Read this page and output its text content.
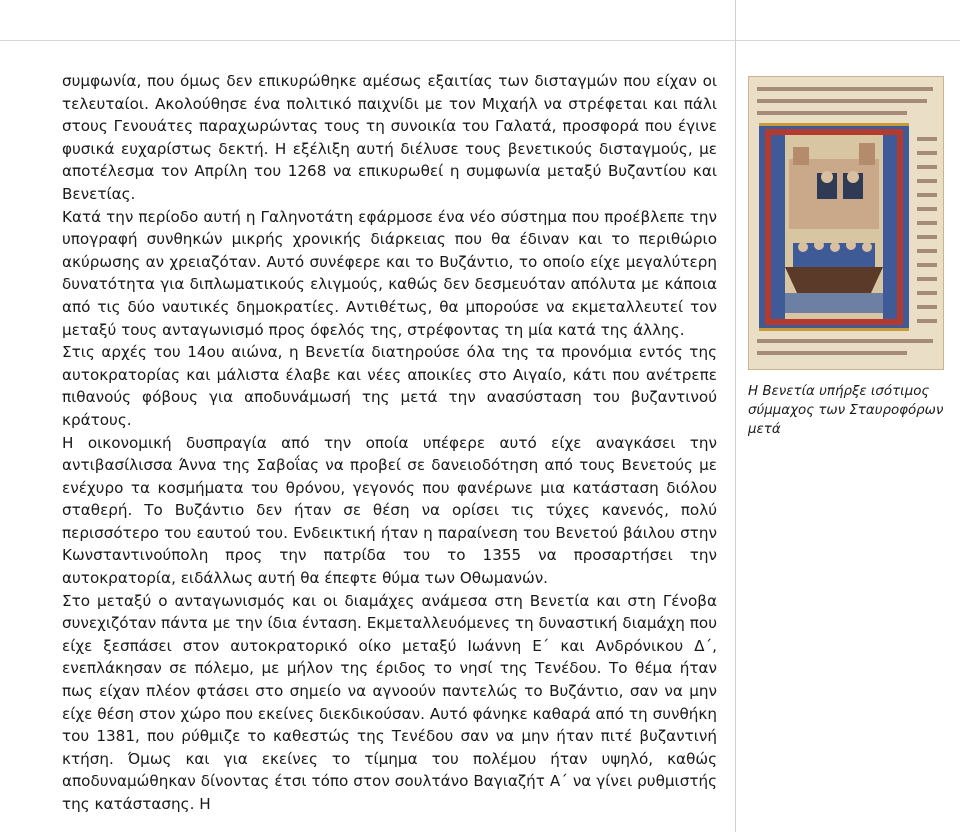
συμφωνία, που όμως δεν επικυρώθηκε αμέσως εξαιτίας των δισταγμών που είχαν οι τελευταίοι. Ακολούθησε ένα πολιτικό παιχνίδι με τον Μιχαήλ να στρέφεται και πάλι στους Γενουάτες παραχωρώντας τους τη συνοικία του Γαλατά, προσφορά που έγινε φυσικά ευχαρίστως δεκτή. Η εξέλιξη αυτή διέλυσε τους βενετικούς δισταγμούς, με αποτέλεσμα τον Απρίλη του 1268 να επικυρωθεί η συμφωνία μεταξύ Βυζαντίου και Βενετίας.

Κατά την περίοδο αυτή η Γαληνοτάτη εφάρμοσε ένα νέο σύστημα που προέβλεπε την υπογραφή συνθηκών μικρής χρονικής διάρκειας που θα έδιναν και το περιθώριο ακύρωσης αν χρειαζόταν. Αυτό συνέφερε και το Βυζάντιο, το οποίο είχε μεγαλύτερη δυνατότητα για διπλωματικούς ελιγμούς, καθώς δεν δεσμευόταν απόλυτα με κάποια από τις δύο ναυτικές δημοκρατίες. Αντιθέτως, θα μπορούσε να εκμεταλλευτεί τον μεταξύ τους ανταγωνισμό προς όφελός της, στρέφοντας τη μία κατά της άλλης.

Στις αρχές του 14ου αιώνα, η Βενετία διατηρούσε όλα της τα προνόμια εντός της αυτοκρατορίας και μάλιστα έλαβε και νέες αποικίες στο Αιγαίο, κάτι που ανέτρεπε πιθανούς φόβους για αποδυνάμωσή της μετά την ανασύσταση του βυζαντινού κράτους.

Η οικονομική δυσπραγία από την οποία υπέφερε αυτό είχε αναγκάσει την αντιβασίλισσα Άννα της Σαβοΐας να προβεί σε δανειοδότηση από τους Βενετούς με ενέχυρο τα κοσμήματα του θρόνου, γεγονός που φανέρωνε μια κατάσταση διόλου σταθερή. Το Βυζάντιο δεν ήταν σε θέση να ορίσει τις τύχες κανενός, πολύ περισσότερο του εαυτού του. Ενδεικτική ήταν η παραίνεση του Βενετού βάιλου στην Κωνσταντινούπολη προς την πατρίδα του το 1355 να προσαρτήσει την αυτοκρατορία, ειδάλλως αυτή θα έπεφτε θύμα των Οθωμανών.

Στο μεταξύ ο ανταγωνισμός και οι διαμάχες ανάμεσα στη Βενετία και στη Γένοβα συνεχιζόταν πάντα με την ίδια ένταση. Εκμεταλλευόμενες τη δυναστική διαμάχη που είχε ξεσπάσει στον αυτοκρατορικό οίκο μεταξύ Ιωάννη Ε΄ και Ανδρόνικου Δ΄, ενεπλάκησαν σε πόλεμο, με μήλον της έριδος το νησί της Τενέδου. Το θέμα ήταν πως είχαν πλέον φτάσει στο σημείο να αγνοούν παντελώς το Βυζάντιο, σαν να μην είχε θέση στον χώρο που εκείνες διεκδικούσαν. Αυτό φάνηκε καθαρά από τη συνθήκη του 1381, που ρύθμιζε το καθεστώς της Τενέδου σαν να μην ήταν πιτέ βυζαντινή κτήση. Όμως και για εκείνες το τίμημα του πολέμου ήταν υψηλό, καθώς αποδυναμώθηκαν δίνοντας έτσι τόπο στον σουλτάνο Βαγιαζήτ Α΄ να γίνει ρυθμιστής της κατάστασης. Η

Η Βενετία υπήρξε ισότιμος σύμμαχος των Σταυροφόρων μετά
